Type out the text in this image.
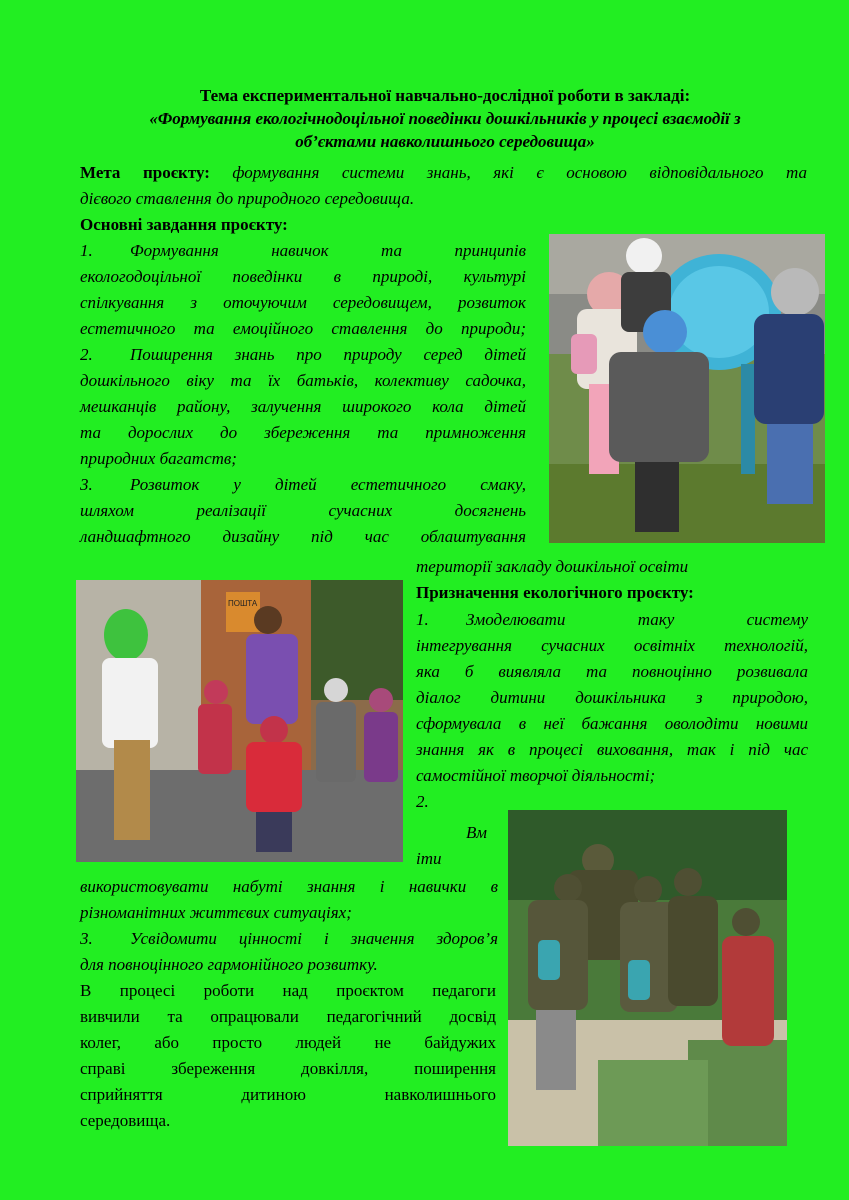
Тема експериментальної навчально-дослідної роботи в закладі:
«Формування екологічнодоцільної поведінки дошкільників у процесі взаємодії з
об’єктами навколишнього середовища»
Мета проєкту: формування системи знань, які є основою відповідального та
дієвого ставлення до природного середовища.
Основні завдання проєкту:
1. Формування навичок та принципів
екологодоцільної поведінки в природі, культурі
спілкування з оточуючим середовищем, розвиток
естетичного та емоційного ставлення до природи;
2. Поширення знань про природу серед дітей
дошкільного віку та їх батьків, колективу садочка,
мешканців району, залучення широкого кола дітей
та дорослих до збереження та примноження
природних багатств;
3. Розвиток у дітей естетичного смаку,
шляхом реалізації сучасних досягнень
ландшафтного дизайну під час облаштування
території закладу дошкільної освіти
Призначення екологічного проєкту:
1. Змоделювати таку систему
інтегрування сучасних освітніх технологій,
яка б виявляла та повноцінно розвивала
діалог дитини дошкільника з природою,
сформувала в неї бажання оволодіти новими
знання як в процесі виховання, так і під час
самостійної творчої діяльності;
2.
Вм
іти
використовувати набуті знання і навички в
різноманітних життєвих ситуаціях;
3. Усвідомити цінності і значення здоров’я
для повноцінного гармонійного розвитку.
В процесі роботи над проєктом педагоги
вивчили та опрацювали педагогічний досвід
колег, або просто людей не байдужих
справі збереження довкілля, поширення
сприйняття дитиною навколишнього
середовища.
ПОШТА
